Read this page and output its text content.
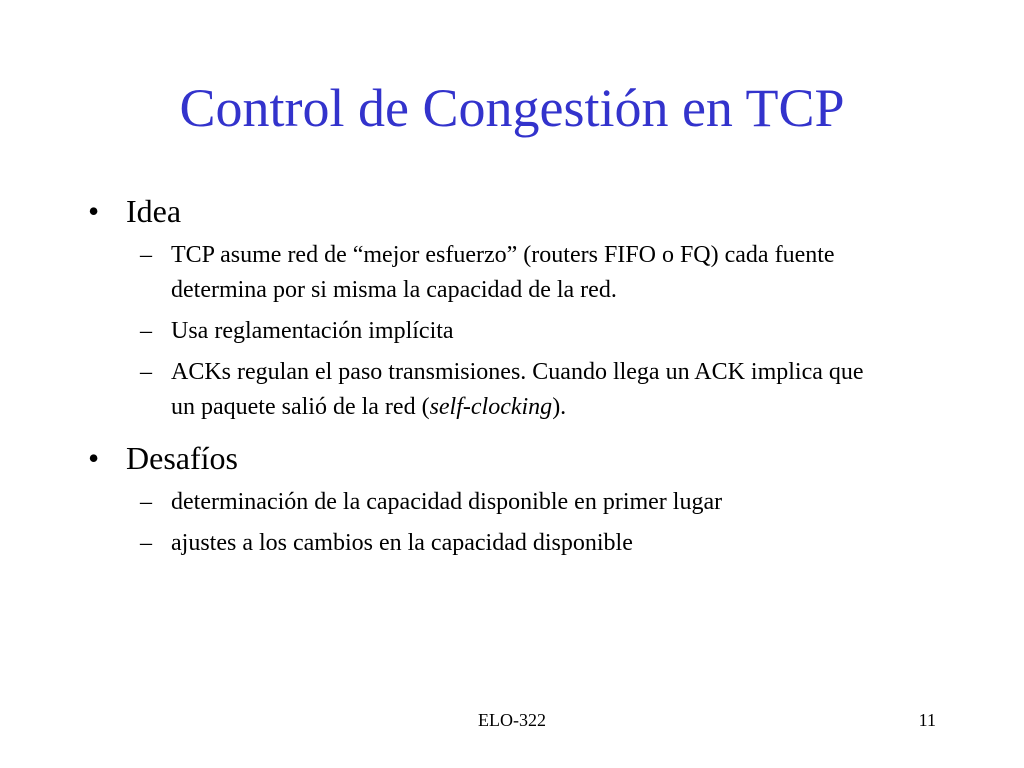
Control de Congestión en TCP
• Idea
– TCP asume red de “mejor esfuerzo” (routers FIFO o FQ) cada fuente determina por si misma la capacidad de la red.
– Usa reglamentación implícita
– ACKs regulan el paso transmisiones. Cuando llega un ACK implica que un paquete salió de la red (self-clocking).
• Desafíos
– determinación de la capacidad disponible en primer lugar
– ajustes a los cambios en la capacidad disponible
ELO-322	11
